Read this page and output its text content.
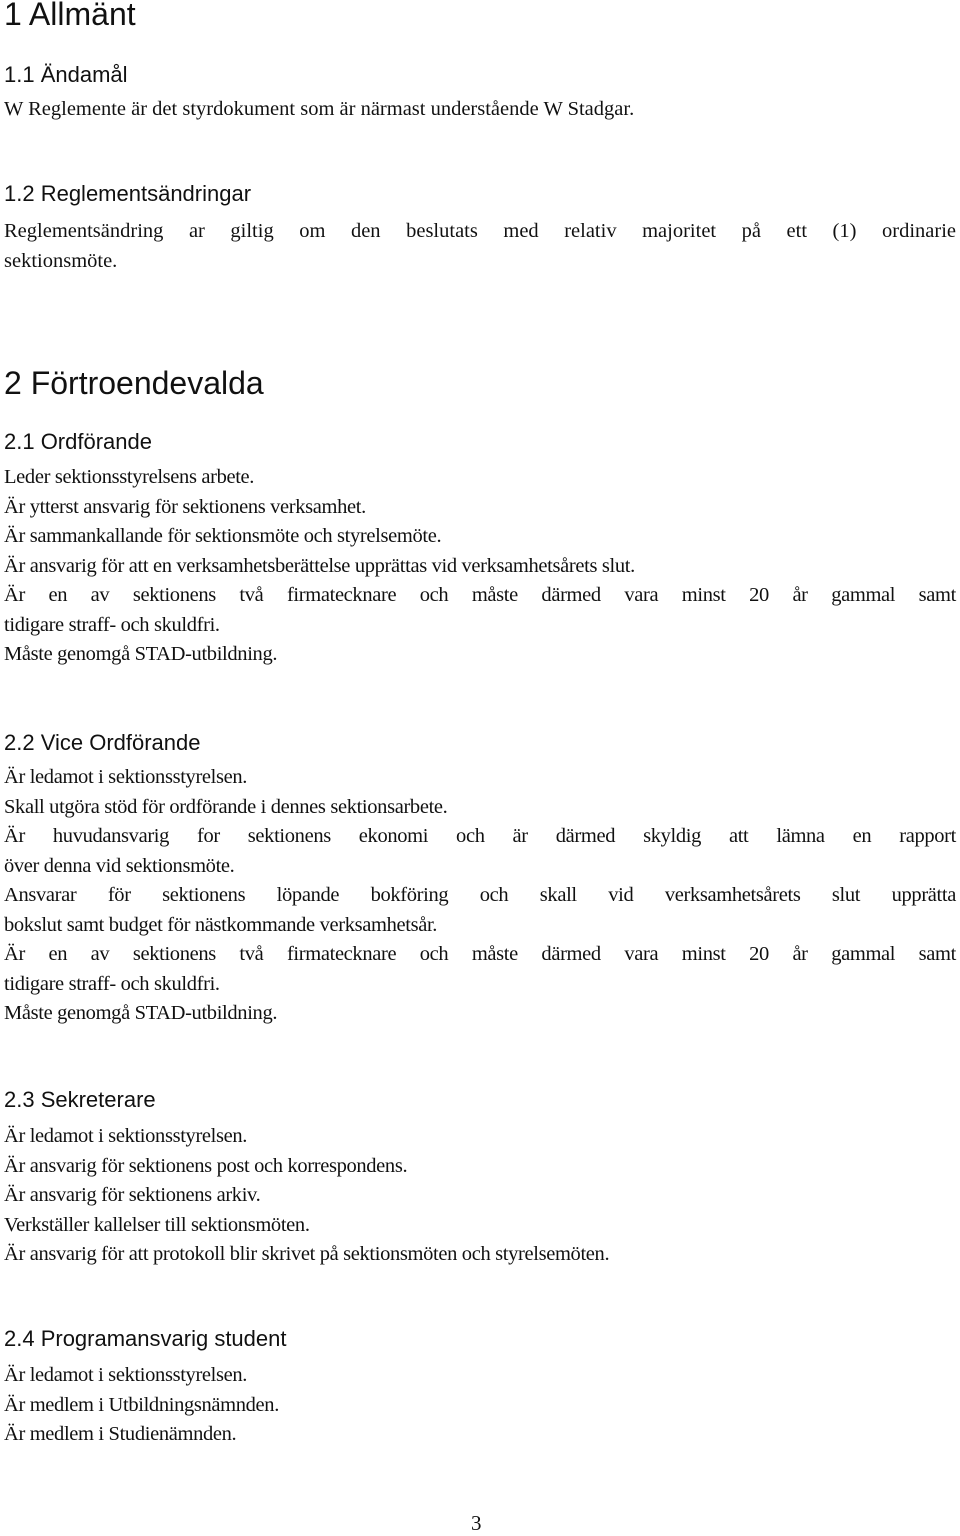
1 Allmänt
1.1 Ändamål
W Reglemente är det styrdokument som är närmast understående W Stadgar.
1.2 Reglementsändringar
Reglementsändring ar giltig om den beslutats med relativ majoritet på ett (1) ordinarie
sektionsmöte.
2 Förtroendevalda
2.1 Ordförande
Leder sektionsstyrelsens arbete.
Är ytterst ansvarig för sektionens verksamhet.
Är sammankallande för sektionsmöte och styrelsemöte.
Är ansvarig för att en verksamhetsberättelse upprättas vid verksamhetsårets slut.
Är en av sektionens två firmatecknare och måste därmed vara minst 20 år gammal samt
tidigare straff- och skuldfri.
Måste genomgå STAD-utbildning.
2.2 Vice Ordförande
Är ledamot i sektionsstyrelsen.
Skall utgöra stöd för ordförande i dennes sektionsarbete.
Är huvudansvarig for sektionens ekonomi och är därmed skyldig att lämna en rapport
över denna vid sektionsmöte.
Ansvarar för sektionens löpande bokföring och skall vid verksamhetsårets slut upprätta
bokslut samt budget för nästkommande verksamhetsår.
Är en av sektionens två firmatecknare och måste därmed vara minst 20 år gammal samt
tidigare straff- och skuldfri.
Måste genomgå STAD-utbildning.
2.3 Sekreterare
Är ledamot i sektionsstyrelsen.
Är ansvarig för sektionens post och korrespondens.
Är ansvarig för sektionens arkiv.
Verkställer kallelser till sektionsmöten.
Är ansvarig för att protokoll blir skrivet på sektionsmöten och styrelsemöten.
2.4 Programansvarig student
Är ledamot i sektionsstyrelsen.
Är medlem i Utbildningsnämnden.
Är medlem i Studienämnden.
3
